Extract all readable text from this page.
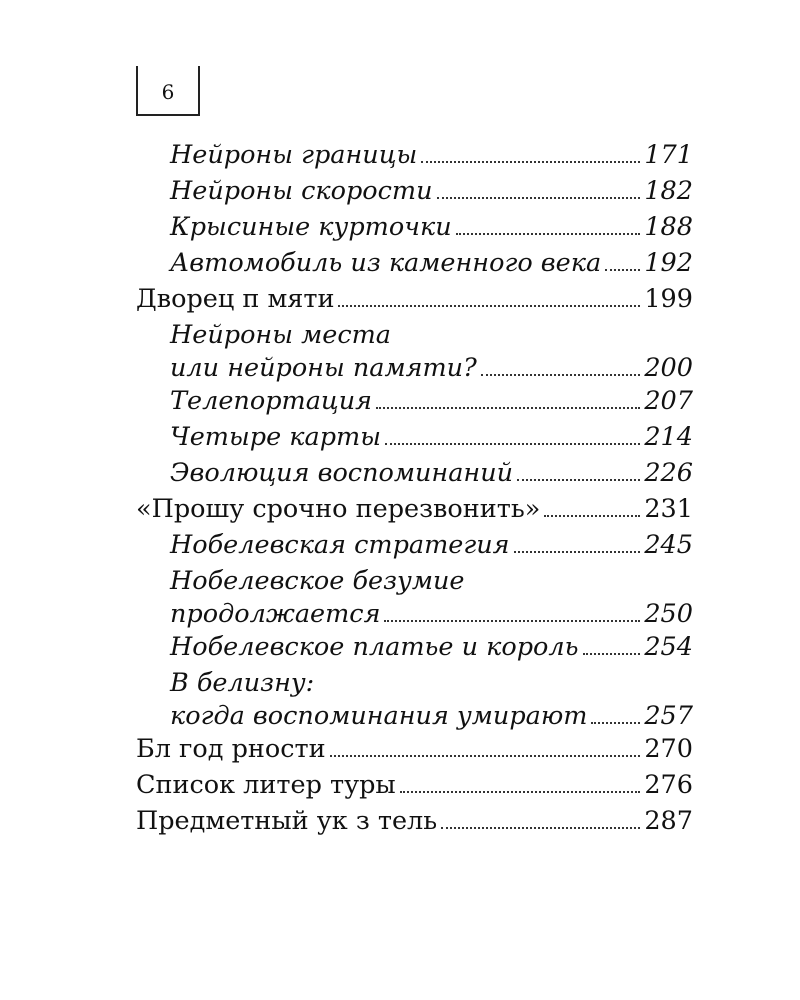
6
Нейроны границы	171
Нейроны скорости	182
Крысиные курточки	188
Автомобиль из каменного века 192
Дворец п мяти	199
Нейроны места
или нейроны памяти?	200
Телепортация	207
Четыре карты	214
Эволюция воспоминаний	226
«Прошу срочно перезвонить»	231
Нобелевская стратегия	245
Нобелевское безумие
продолжается	250
Нобелевское платье и король	254
В белизну:
когда воспоминания умирают 257
Бл год рности	270
Список литер туры	276
Предметный ук з тель	287
